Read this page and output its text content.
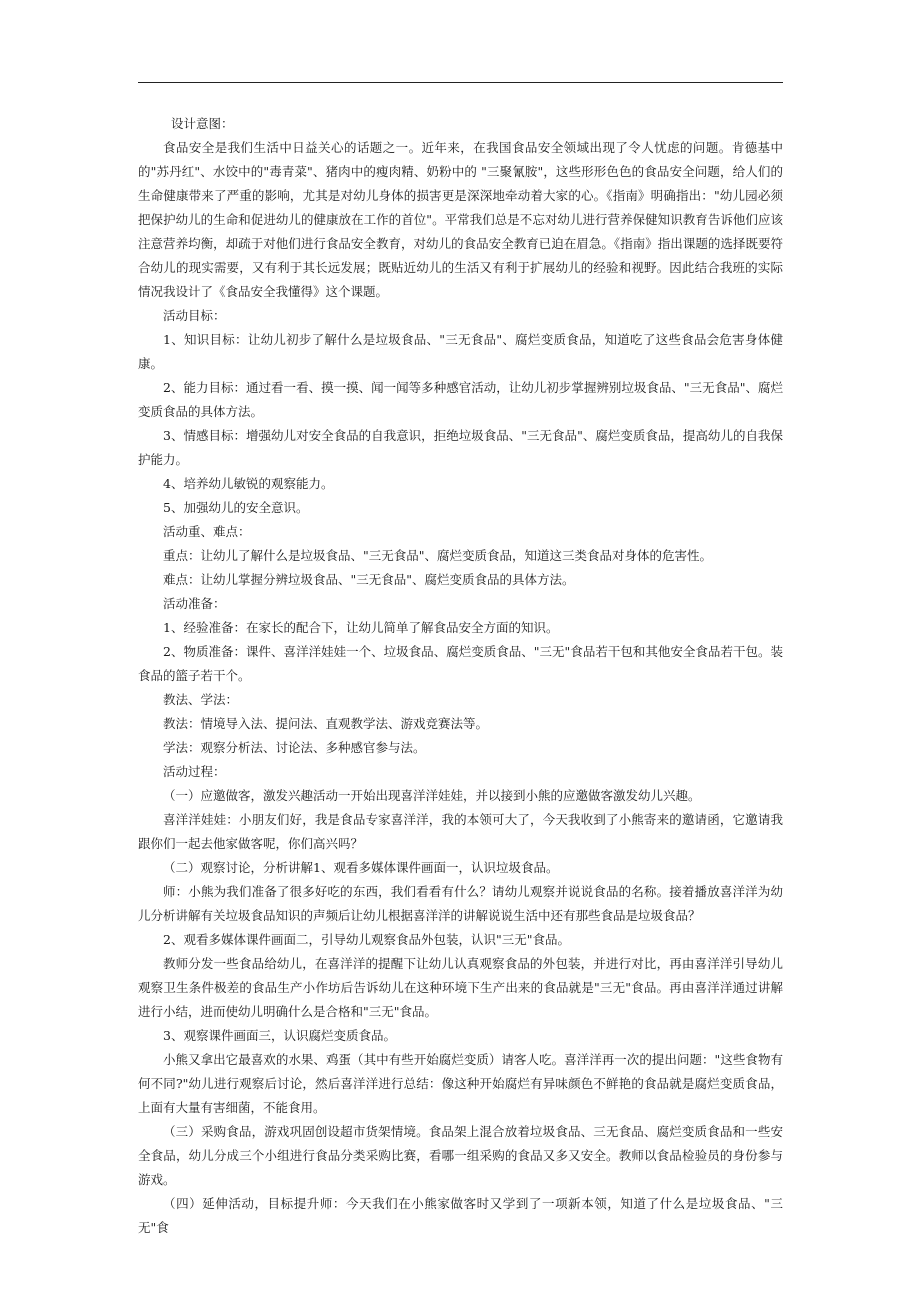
设计意图：

食品安全是我们生活中日益关心的话题之一。近年来，在我国食品安全领域出现了令人忧虑的问题。肯德基中的"苏丹红"、水饺中的"毒青菜"、猪肉中的瘦肉精、奶粉中的 "三聚氰胺"，这些形形色色的食品安全问题，给人们的生命健康带来了严重的影响，尤其是对幼儿身体的损害更是深深地牵动着大家的心。《指南》明确指出："幼儿园必须把保护幼儿的生命和促进幼儿的健康放在工作的首位"。平常我们总是不忘对幼儿进行营养保健知识教育告诉他们应该注意营养均衡，却疏于对他们进行食品安全教育，对幼儿的食品安全教育已迫在眉急。《指南》指出课题的选择既要符合幼儿的现实需要，又有利于其长远发展；既贴近幼儿的生活又有利于扩展幼儿的经验和视野。因此结合我班的实际情况我设计了《食品安全我懂得》这个课题。

活动目标：

1、知识目标：让幼儿初步了解什么是垃圾食品、"三无食品"、腐烂变质食品，知道吃了这些食品会危害身体健康。

2、能力目标：通过看一看、摸一摸、闻一闻等多种感官活动，让幼儿初步掌握辨别垃圾食品、"三无食品"、腐烂变质食品的具体方法。

3、情感目标：增强幼儿对安全食品的自我意识，拒绝垃圾食品、"三无食品"、腐烂变质食品，提高幼儿的自我保护能力。

4、培养幼儿敏锐的观察能力。

5、加强幼儿的安全意识。

活动重、难点：

重点：让幼儿了解什么是垃圾食品、"三无食品"、腐烂变质食品，知道这三类食品对身体的危害性。

难点：让幼儿掌握分辨垃圾食品、"三无食品"、腐烂变质食品的具体方法。

活动准备：

1、经验准备：在家长的配合下，让幼儿简单了解食品安全方面的知识。

2、物质准备：课件、喜洋洋娃娃一个、垃圾食品、腐烂变质食品、"三无"食品若干包和其他安全食品若干包。装食品的篮子若干个。

教法、学法：

教法：情境导入法、提问法、直观教学法、游戏竞赛法等。

学法：观察分析法、讨论法、多种感官参与法。

活动过程：

（一）应邀做客，激发兴趣活动一开始出现喜洋洋娃娃，并以接到小熊的应邀做客激发幼儿兴趣。

喜洋洋娃娃：小朋友们好，我是食品专家喜洋洋，我的本领可大了，今天我收到了小熊寄来的邀请函，它邀请我跟你们一起去他家做客呢，你们高兴吗？

（二）观察讨论，分析讲解1、观看多媒体课件画面一，认识垃圾食品。

师：小熊为我们准备了很多好吃的东西，我们看看有什么？请幼儿观察并说说食品的名称。接着播放喜洋洋为幼儿分析讲解有关垃圾食品知识的声频后让幼儿根据喜洋洋的讲解说说生活中还有那些食品是垃圾食品？

2、观看多媒体课件画面二，引导幼儿观察食品外包装，认识"三无"食品。

教师分发一些食品给幼儿，在喜洋洋的提醒下让幼儿认真观察食品的外包装，并进行对比，再由喜洋洋引导幼儿观察卫生条件极差的食品生产小作坊后告诉幼儿在这种环境下生产出来的食品就是"三无"食品。再由喜洋洋通过讲解进行小结，进而使幼儿明确什么是合格和"三无"食品。

3、观察课件画面三，认识腐烂变质食品。

小熊又拿出它最喜欢的水果、鸡蛋（其中有些开始腐烂变质）请客人吃。喜洋洋再一次的提出问题："这些食物有何不同?"幼儿进行观察后讨论，然后喜洋洋进行总结：像这种开始腐烂有异味颜色不鲜艳的食品就是腐烂变质食品，上面有大量有害细菌，不能食用。

（三）采购食品，游戏巩固创设超市货架情境。食品架上混合放着垃圾食品、三无食品、腐烂变质食品和一些安全食品，幼儿分成三个小组进行食品分类采购比赛，看哪一组采购的食品又多又安全。教师以食品检验员的身份参与游戏。

（四）延伸活动，目标提升师：今天我们在小熊家做客时又学到了一项新本领，知道了什么是垃圾食品、"三无"食
